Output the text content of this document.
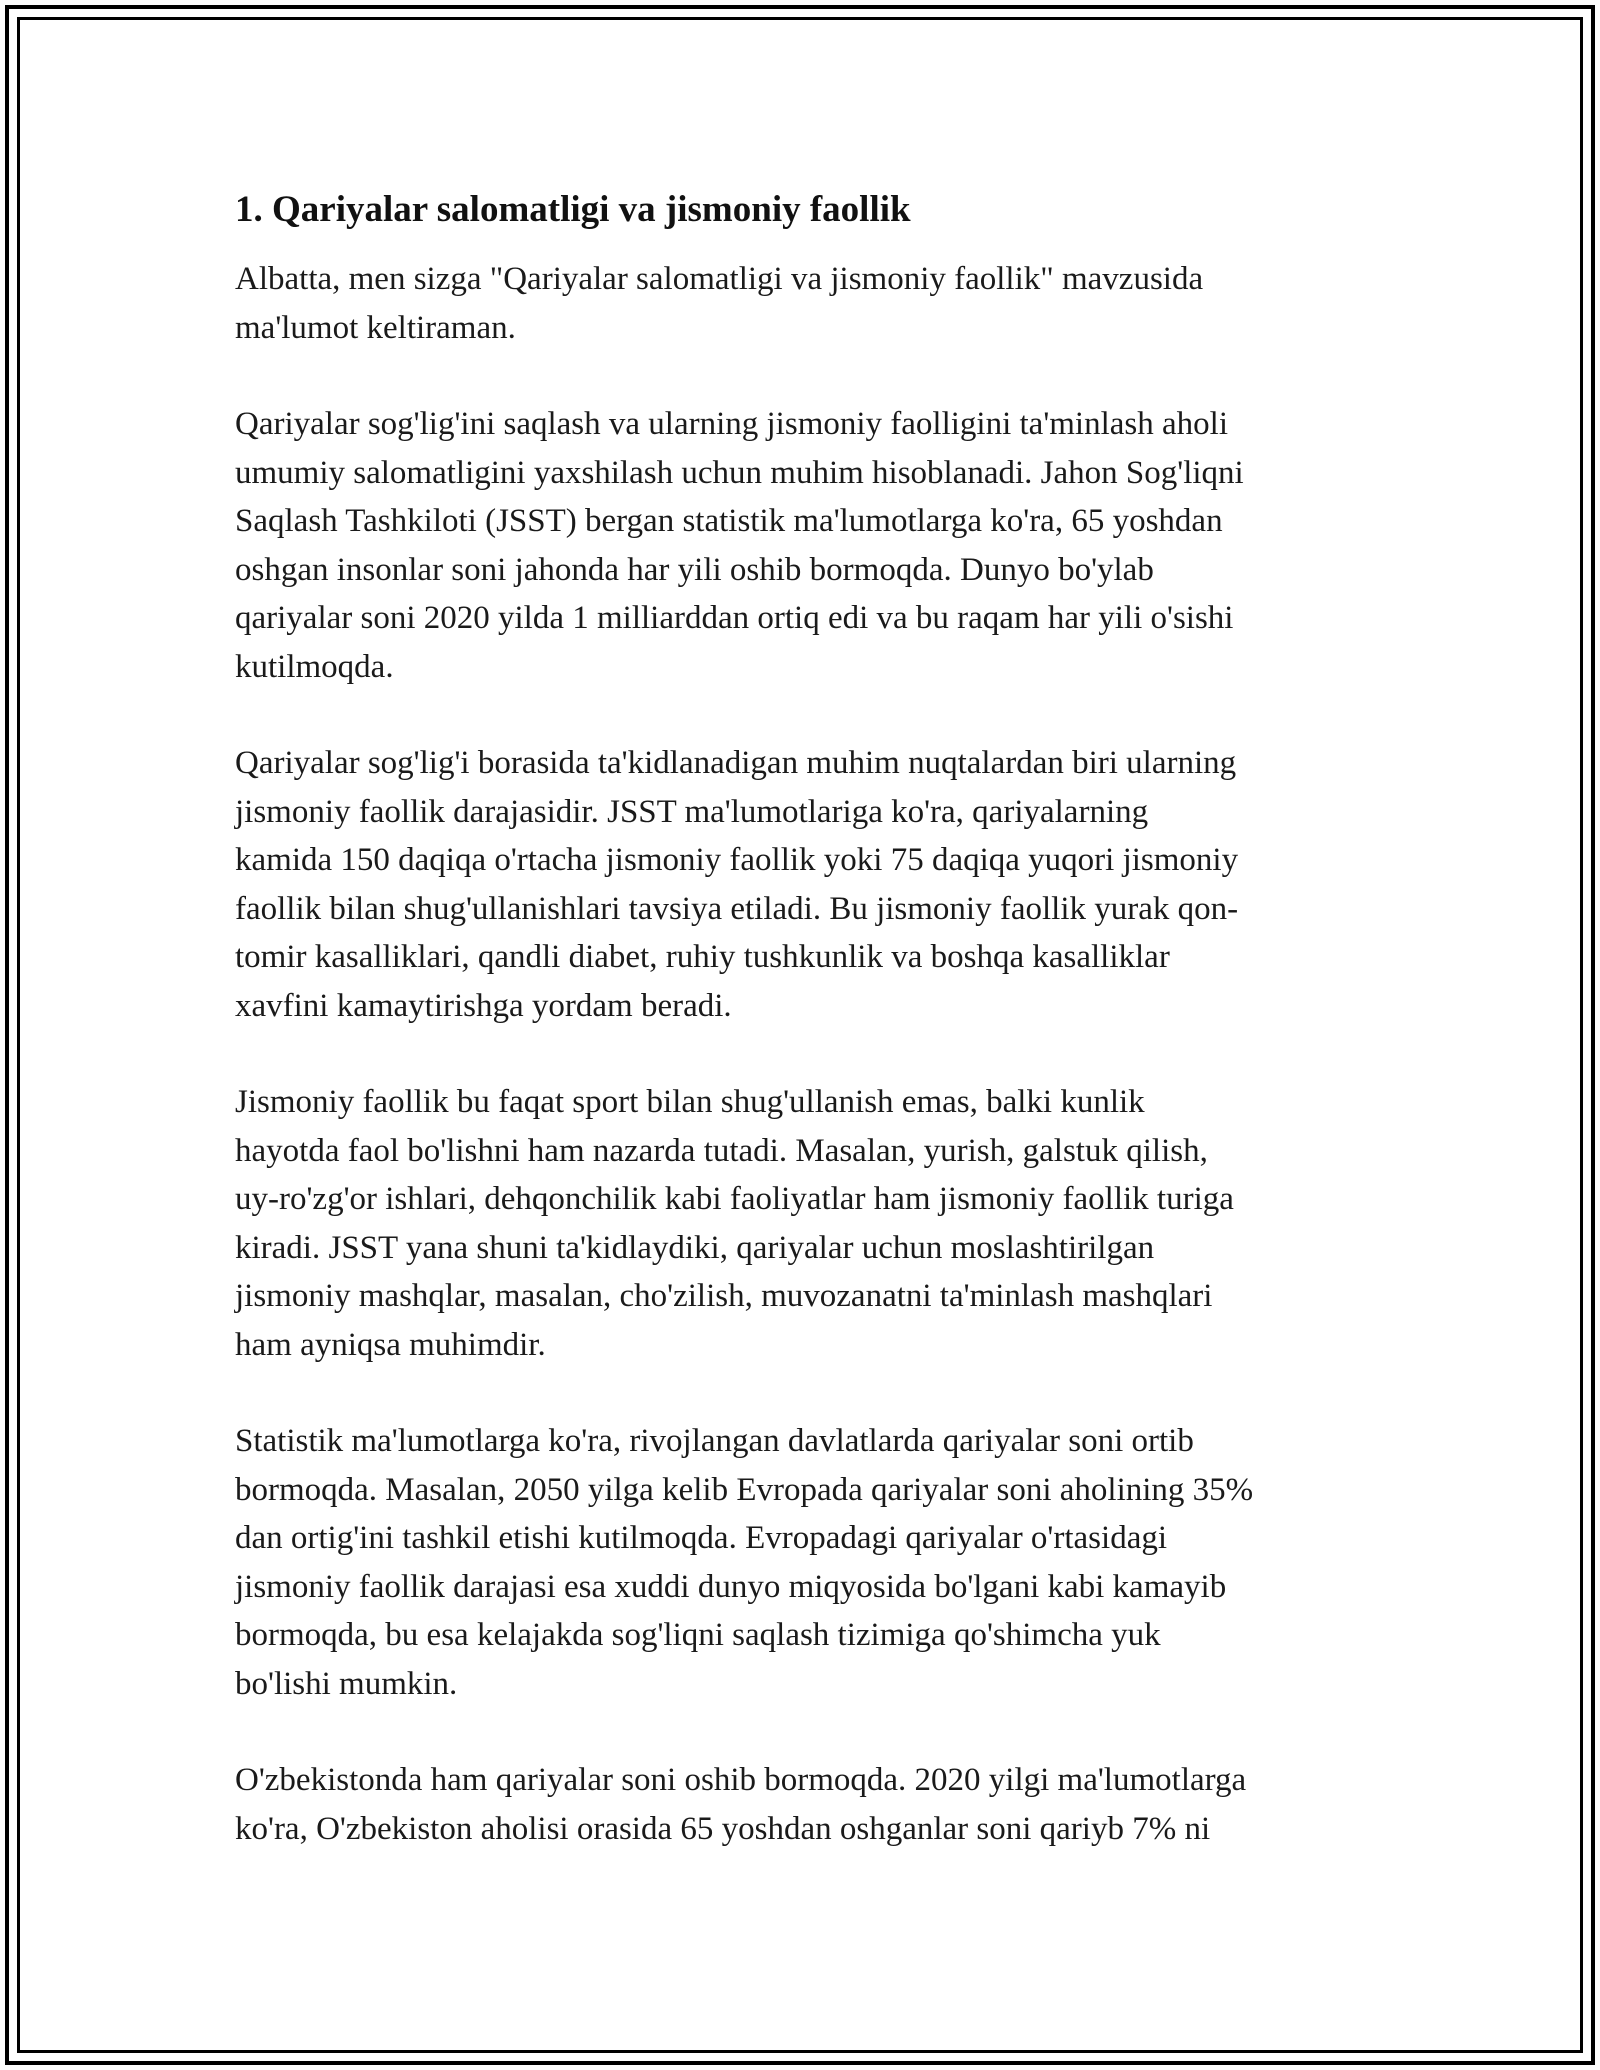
1. Qariyalar salomatligi va jismoniy faollik

Albatta, men sizga "Qariyalar salomatligi va jismoniy faollik" mavzusida
ma'lumot keltiraman.

Qariyalar sog'lig'ini saqlash va ularning jismoniy faolligini ta'minlash aholi
umumiy salomatligini yaxshilash uchun muhim hisoblanadi. Jahon Sog'liqni
Saqlash Tashkiloti (JSST) bergan statistik ma'lumotlarga ko'ra, 65 yoshdan
oshgan insonlar soni jahonda har yili oshib bormoqda. Dunyo bo'ylab
qariyalar soni 2020 yilda 1 milliarddan ortiq edi va bu raqam har yili o'sishi
kutilmoqda.

Qariyalar sog'lig'i borasida ta'kidlanadigan muhim nuqtalardan biri ularning
jismoniy faollik darajasidir. JSST ma'lumotlariga ko'ra, qariyalarning
kamida 150 daqiqa o'rtacha jismoniy faollik yoki 75 daqiqa yuqori jismoniy
faollik bilan shug'ullanishlari tavsiya etiladi. Bu jismoniy faollik yurak qon-
tomir kasalliklari, qandli diabet, ruhiy tushkunlik va boshqa kasalliklar
xavfini kamaytirishga yordam beradi.

Jismoniy faollik bu faqat sport bilan shug'ullanish emas, balki kunlik
hayotda faol bo'lishni ham nazarda tutadi. Masalan, yurish, galstuk qilish,
uy-ro'zg'or ishlari, dehqonchilik kabi faoliyatlar ham jismoniy faollik turiga
kiradi. JSST yana shuni ta'kidlaydiki, qariyalar uchun moslashtirilgan
jismoniy mashqlar, masalan, cho'zilish, muvozanatni ta'minlash mashqlari
ham ayniqsa muhimdir.

Statistik ma'lumotlarga ko'ra, rivojlangan davlatlarda qariyalar soni ortib
bormoqda. Masalan, 2050 yilga kelib Evropada qariyalar soni aholining 35%
dan ortig'ini tashkil etishi kutilmoqda. Evropadagi qariyalar o'rtasidagi
jismoniy faollik darajasi esa xuddi dunyo miqyosida bo'lgani kabi kamayib
bormoqda, bu esa kelajakda sog'liqni saqlash tizimiga qo'shimcha yuk
bo'lishi mumkin.

O'zbekistonda ham qariyalar soni oshib bormoqda. 2020 yilgi ma'lumotlarga
ko'ra, O'zbekiston aholisi orasida 65 yoshdan oshganlar soni qariyb 7% ni
